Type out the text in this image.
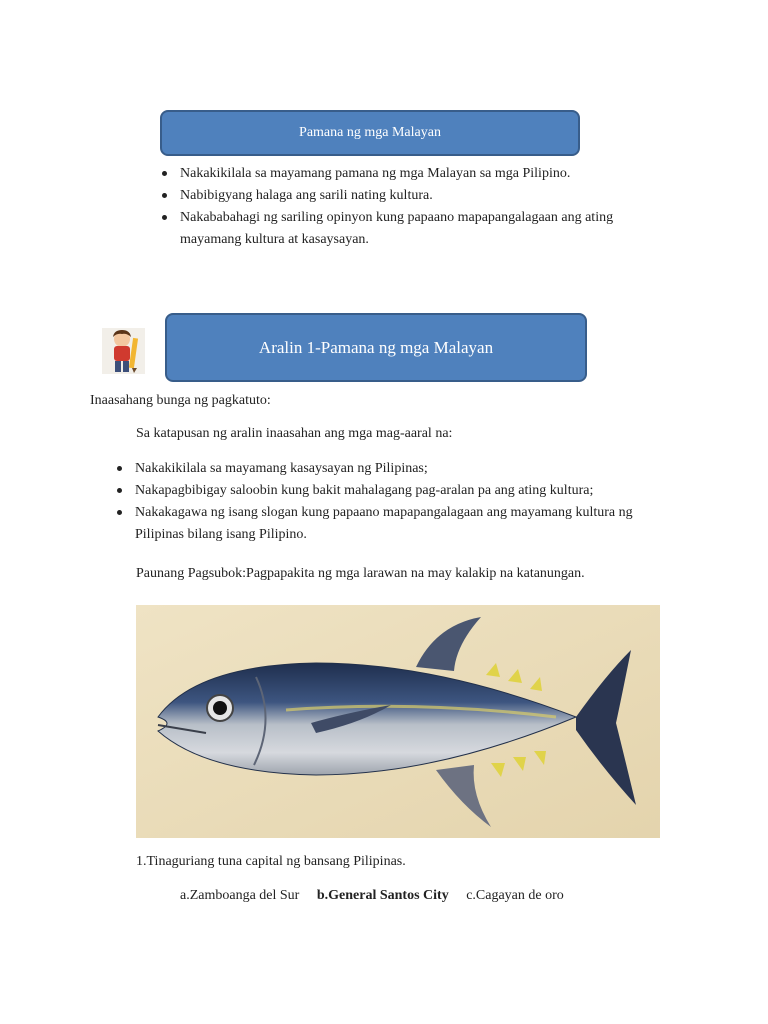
Pamana ng mga Malayan
Nakakikilala sa mayamang pamana ng mga Malayan sa mga Pilipino.
Nabibigyang halaga ang sarili nating kultura.
Nakababahagi ng sariling opinyon kung papaano mapapangalagaan ang ating mayamang kultura at kasaysayan.
Aralin 1-Pamana ng mga Malayan
Inaasahang bunga ng pagkatuto:
Sa katapusan ng aralin inaasahan ang mga mag-aaral na:
Nakakikilala sa mayamang kasaysayan ng Pilipinas;
Nakapagbibigay saloobin kung bakit mahalagang pag-aralan pa ang ating kultura;
Nakakagawa ng isang slogan kung papaano mapapangalagaan ang mayamang kultura ng Pilipinas bilang isang Pilipino.
Paunang Pagsubok:Pagpapakita ng mga larawan na may kalakip na katanungan.
1.Tinaguriang tuna capital ng bansang Pilipinas.
a.Zamboanga del Sur b.General Santos City c.Cagayan de oro
